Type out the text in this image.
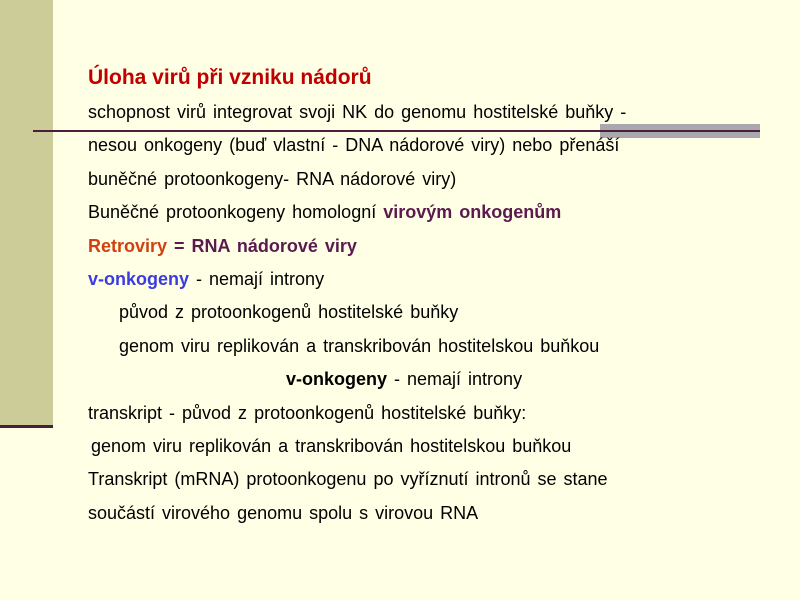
Úloha virů při vzniku nádorů
schopnost virů integrovat svoji NK do genomu hostitelské buňky -
nesou onkogeny (buď vlastní - DNA nádorové viry) nebo přenáší
buněčné protoonkogeny- RNA nádorové viry)
Buněčné protoonkogeny homologní virovým onkogenům
Retroviry = RNA nádorové viry
v-onkogeny - nemají introny
původ z protoonkogenů hostitelské buňky
genom viru replikován a transkribován hostitelskou buňkou
v-onkogeny - nemají introny
transkript - původ z protoonkogenů hostitelské buňky:
genom viru replikován a transkribován hostitelskou buňkou
Transkript (mRNA) protoonkogenu po vyříznutí intronů se stane
součástí virového genomu spolu s virovou RNA
